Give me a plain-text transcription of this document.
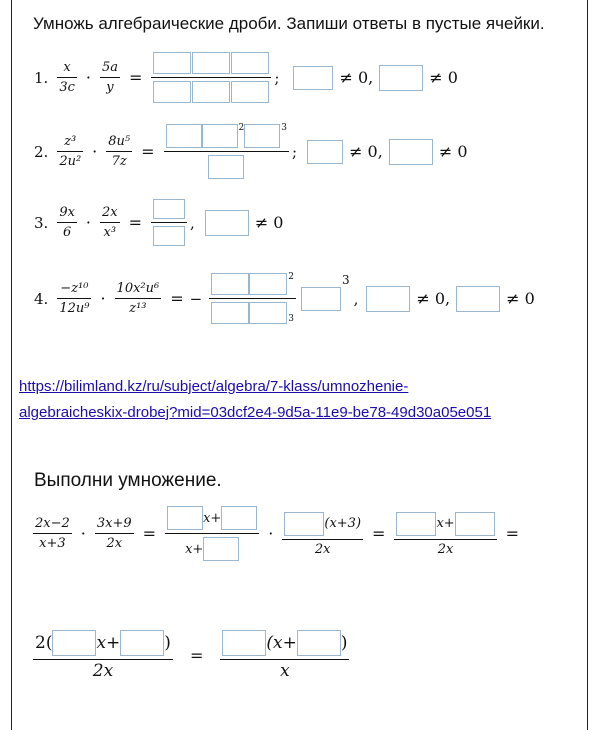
Умножь алгебраические дроби. Запиши ответы в пустые ячейки.
1. $\frac{x}{3c} \cdot \frac{5a}{y}$ =	;	≠ 0,	≠ 0
2. $\frac{\text{z³}}{\text{2u²}} \cdot \frac{\text{8u⁵}}{7z}$ =
2	3
;	≠ 0,	≠ 0
3. $\frac{9x}{6} \cdot \frac{2x}{\text{x³}}$ =	,	≠ 0
4. $\frac{\text{−z¹⁰}}{\text{12u⁹}} \cdot \frac{\text{10x²u⁶}}{\text{z¹³}}$ = − $\frac{2}{3}$	3
,	≠ 0,	≠ 0
https://bilimland.kz/ru/subject/algebra/7-klass/umnozhenie-
algebraicheskix-drobej?mid=03dcf2e4-9d5a-11e9-be78-49d30a05e051
Выполни умножение.
$\frac{2x-2}{x+3} \cdot \frac{3x+9}{2x} = \frac{x+}{x+} \cdot \frac{(x+3)}{2x} = \frac{x+}{2x}$ =
2(	x+	)
2x = (x+	)
x
